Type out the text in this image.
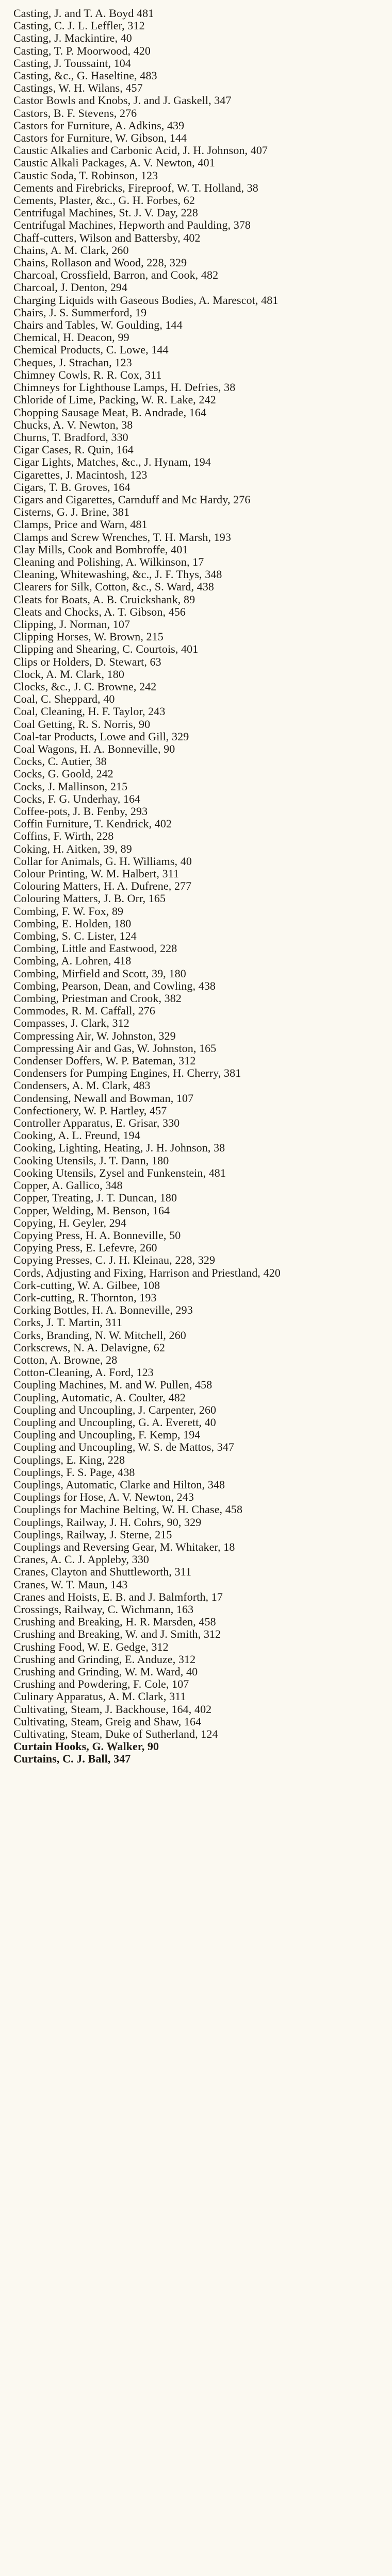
Casting, J. and T. A. Boyd 481

Casting, C. J. L. Leffler, 312

Casting, J. Mackintire, 40

Casting, T. P. Moorwood, 420

Casting, J. Toussaint, 104

Casting, &c., G. Haseltine, 483

Castings, W. H. Wilans, 457

Castor Bowls and Knobs, J. and J. Gaskell, 347

Castors, B. F. Stevens, 276

Castors for Furniture, A. Adkins, 439

Castors for Furniture, W. Gibson, 144

Caustic Alkalies and Carbonic Acid, J. H. Johnson, 407

Caustic Alkali Packages, A. V. Newton, 401

Caustic Soda, T. Robinson, 123

Cements and Firebricks, Fireproof, W. T. Holland, 38

Cements, Plaster, &c., G. H. Forbes, 62

Centrifugal Machines, St. J. V. Day, 228

Centrifugal Machines, Hepworth and Paulding, 378

Chaff-cutters, Wilson and Battersby, 402

Chains, A. M. Clark, 260

Chains, Rollason and Wood, 228, 329

Charcoal, Crossfield, Barron, and Cook, 482

Charcoal, J. Denton, 294

Charging Liquids with Gaseous Bodies, A. Marescot, 481

Chairs, J. S. Summerford, 19

Chairs and Tables, W. Goulding, 144

Chemical, H. Deacon, 99

Chemical Products, C. Lowe, 144

Cheques, J. Strachan, 123

Chimney Cowls, R. R. Cox, 311

Chimneys for Lighthouse Lamps, H. Defries, 38

Chloride of Lime, Packing, W. R. Lake, 242

Chopping Sausage Meat, B. Andrade, 164

Chucks, A. V. Newton, 38

Churns, T. Bradford, 330

Cigar Cases, R. Quin, 164

Cigar Lights, Matches, &c., J. Hynam, 194

Cigarettes, J. Macintosh, 123

Cigars, T. B. Groves, 164

Cigars and Cigarettes, Carnduff and Mc Hardy, 276

Cisterns, G. J. Brine, 381

Clamps, Price and Warn, 481

Clamps and Screw Wrenches, T. H. Marsh, 193

Clay Mills, Cook and Bombroffe, 401

Cleaning and Polishing, A. Wilkinson, 17

Cleaning, Whitewashing, &c., J. F. Thys, 348

Clearers for Silk, Cotton, &c., S. Ward, 438

Cleats for Boats, A. B. Cruickshank, 89

Cleats and Chocks, A. T. Gibson, 456

Clipping, J. Norman, 107

Clipping Horses, W. Brown, 215

Clipping and Shearing, C. Courtois, 401

Clips or Holders, D. Stewart, 63

Clock, A. M. Clark, 180

Clocks, &c., J. C. Browne, 242

Coal, C. Sheppard, 40

Coal, Cleaning, H. F. Taylor, 243

Coal Getting, R. S. Norris, 90

Coal-tar Products, Lowe and Gill, 329

Coal Wagons, H. A. Bonneville, 90

Cocks, C. Autier, 38

Cocks, G. Goold, 242

Cocks, J. Mallinson, 215

Cocks, F. G. Underhay, 164

Coffee-pots, J. B. Fenby, 293

Coffin Furniture, T. Kendrick, 402

Coffins, F. Wirth, 228

Coking, H. Aitken, 39, 89

Collar for Animals, G. H. Williams, 40

Colour Printing, W. M. Halbert, 311

Colouring Matters, H. A. Dufrene, 277

Colouring Matters, J. B. Orr, 165

Combing, F. W. Fox, 89

Combing, E. Holden, 180

Combing, S. C. Lister, 124

Combing, Little and Eastwood, 228

Combing, A. Lohren, 418

Combing, Mirfield and Scott, 39, 180

Combing, Pearson, Dean, and Cowling, 438

Combing, Priestman and Crook, 382

Commodes, R. M. Caffall, 276

Compasses, J. Clark, 312

Compressing Air, W. Johnston, 329

Compressing Air and Gas, W. Johnston, 165

Condenser Doffers, W. P. Bateman, 312

Condensers for Pumping Engines, H. Cherry, 381

Condensers, A. M. Clark, 483

Condensing, Newall and Bowman, 107

Confectionery, W. P. Hartley, 457

Controller Apparatus, E. Grisar, 330

Cooking, A. L. Freund, 194

Cooking, Lighting, Heating, J. H. Johnson, 38

Cooking Utensils, J. T. Dann, 180

Cooking Utensils, Zysel and Funkenstein, 481

Copper, A. Gallico, 348

Copper, Treating, J. T. Duncan, 180

Copper, Welding, M. Benson, 164

Copying, H. Geyler, 294

Copying Press, H. A. Bonneville, 50

Copying Press, E. Lefevre, 260

Copying Presses, C. J. H. Kleinau, 228, 329

Cords, Adjusting and Fixing, Harrison and Priestland, 420

Cork-cutting, W. A. Gilbee, 108

Cork-cutting, R. Thornton, 193

Corking Bottles, H. A. Bonneville, 293

Corks, J. T. Martin, 311

Corks, Branding, N. W. Mitchell, 260

Corkscrews, N. A. Delavigne, 62

Cotton, A. Browne, 28

Cotton-Cleaning, A. Ford, 123

Coupling Machines, M. and W. Pullen, 458

Coupling, Automatic, A. Coulter, 482

Coupling and Uncoupling, J. Carpenter, 260

Coupling and Uncoupling, G. A. Everett, 40

Coupling and Uncoupling, F. Kemp, 194

Coupling and Uncoupling, W. S. de Mattos, 347

Couplings, E. King, 228

Couplings, F. S. Page, 438

Couplings, Automatic, Clarke and Hilton, 348

Couplings for Hose, A. V. Newton, 243

Couplings for Machine Belting, W. H. Chase, 458

Couplings, Railway, J. H. Cohrs, 90, 329

Couplings, Railway, J. Sterne, 215

Couplings and Reversing Gear, M. Whitaker, 18

Cranes, A. C. J. Appleby, 330

Cranes, Clayton and Shuttleworth, 311

Cranes, W. T. Maun, 143

Cranes and Hoists, E. B. and J. Balmforth, 17

Crossings, Railway, C. Wichmann, 163

Crushing and Breaking, H. R. Marsden, 458

Crushing and Breaking, W. and J. Smith, 312

Crushing Food, W. E. Gedge, 312

Crushing and Grinding, E. Anduze, 312

Crushing and Grinding, W. M. Ward, 40

Crushing and Powdering, F. Cole, 107

Culinary Apparatus, A. M. Clark, 311

Cultivating, Steam, J. Backhouse, 164, 402

Cultivating, Steam, Greig and Shaw, 164

Cultivating, Steam, Duke of Sutherland, 124

Curtain Hooks, G. Walker, 90

Curtains, C. J. Ball, 347
